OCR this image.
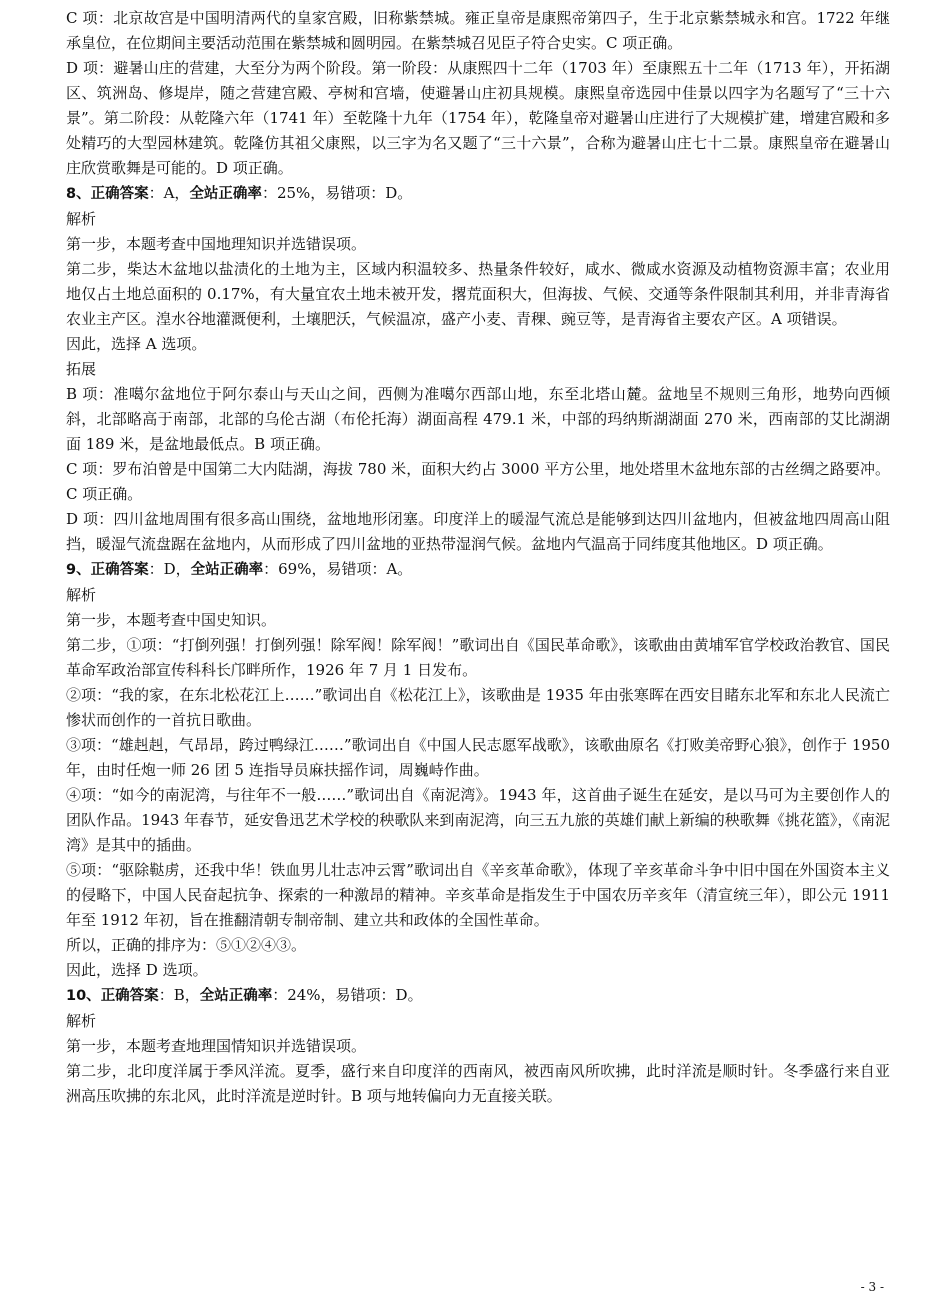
C 项：北京故宫是中国明清两代的皇家宫殿，旧称紫禁城。雍正皇帝是康熙帝第四子，生于北京紫禁城永和宫。1722 年继承皇位，在位期间主要活动范围在紫禁城和圆明园。在紫禁城召见臣子符合史实。C 项正确。

D 项：避暑山庄的营建，大至分为两个阶段。第一阶段：从康熙四十二年（1703 年）至康熙五十二年（1713 年），开拓湖区、筑洲岛、修堤岸，随之营建宫殿、亭树和宫墙，使避暑山庄初具规模。康熙皇帝选园中佳景以四字为名题写了“三十六景”。第二阶段：从乾隆六年（1741 年）至乾隆十九年（1754 年），乾隆皇帝对避暑山庄进行了大规模扩建，增建宫殿和多处精巧的大型园林建筑。乾隆仿其祖父康熙，以三字为名又题了“三十六景”，合称为避暑山庄七十二景。康熙皇帝在避暑山庄欣赏歌舞是可能的。D 项正确。

8、正确答案：A，全站正确率：25%，易错项：D。

解析

第一步，本题考查中国地理知识并选错误项。

第二步，柴达木盆地以盐渍化的土地为主，区域内积温较多、热量条件较好，咸水、微咸水资源及动植物资源丰富；农业用地仅占土地总面积的 0.17%，有大量宜农土地未被开发，撂荒面积大，但海拔、气候、交通等条件限制其利用，并非青海省农业主产区。湟水谷地灌溉便利，土壤肥沃，气候温凉，盛产小麦、青稞、豌豆等，是青海省主要农产区。A 项错误。

因此，选择 A 选项。

拓展

B 项：准噶尔盆地位于阿尔泰山与天山之间，西侧为准噶尔西部山地，东至北塔山麓。盆地呈不规则三角形，地势向西倾斜，北部略高于南部，北部的乌伦古湖（布伦托海）湖面高程 479.1 米，中部的玛纳斯湖湖面 270 米，西南部的艾比湖湖面 189 米，是盆地最低点。B 项正确。

C 项：罗布泊曾是中国第二大内陆湖，海拔 780 米，面积大约占 3000 平方公里，地处塔里木盆地东部的古丝绸之路要冲。C 项正确。

D 项：四川盆地周围有很多高山围绕，盆地地形闭塞。印度洋上的暖湿气流总是能够到达四川盆地内，但被盆地四周高山阻挡，暖湿气流盘踞在盆地内，从而形成了四川盆地的亚热带湿润气候。盆地内气温高于同纬度其他地区。D 项正确。

9、正确答案：D，全站正确率：69%，易错项：A。

解析

第一步，本题考查中国史知识。

第二步，①项：“打倒列强！打倒列强！除军阀！除军阀！”歌词出自《国民革命歌》，该歌曲由黄埔军官学校政治教官、国民革命军政治部宣传科科长邝畔所作，1926 年 7 月 1 日发布。

②项：“我的家，在东北松花江上……”歌词出自《松花江上》，该歌曲是 1935 年由张寒晖在西安目睹东北军和东北人民流亡惨状而创作的一首抗日歌曲。

③项：“雄赳赳，气昂昂，跨过鸭绿江……”歌词出自《中国人民志愿军战歌》，该歌曲原名《打败美帝野心狼》，创作于 1950 年，由时任炮一师 26 团 5 连指导员麻扶摇作词，周巍峙作曲。

④项：“如今的南泥湾，与往年不一般……”歌词出自《南泥湾》。1943 年，这首曲子诞生在延安，是以马可为主要创作人的团队作品。1943 年春节，延安鲁迅艺术学校的秧歌队来到南泥湾，向三五九旅的英雄们献上新编的秧歌舞《挑花篮》，《南泥湾》是其中的插曲。

⑤项：“驱除鞑虏，还我中华！铁血男儿壮志冲云霄”歌词出自《辛亥革命歌》，体现了辛亥革命斗争中旧中国在外国资本主义的侵略下，中国人民奋起抗争、探索的一种激昂的精神。辛亥革命是指发生于中国农历辛亥年（清宣统三年），即公元 1911 年至 1912 年初，旨在推翻清朝专制帝制、建立共和政体的全国性革命。

所以，正确的排序为：⑤①②④③。

因此，选择 D 选项。

10、正确答案：B，全站正确率：24%，易错项：D。

解析

第一步，本题考查地理国情知识并选错误项。

第二步，北印度洋属于季风洋流。夏季，盛行来自印度洋的西南风，被西南风所吹拂，此时洋流是顺时针。冬季盛行来自亚洲高压吹拂的东北风，此时洋流是逆时针。B 项与地转偏向力无直接关联。

- 3 -
